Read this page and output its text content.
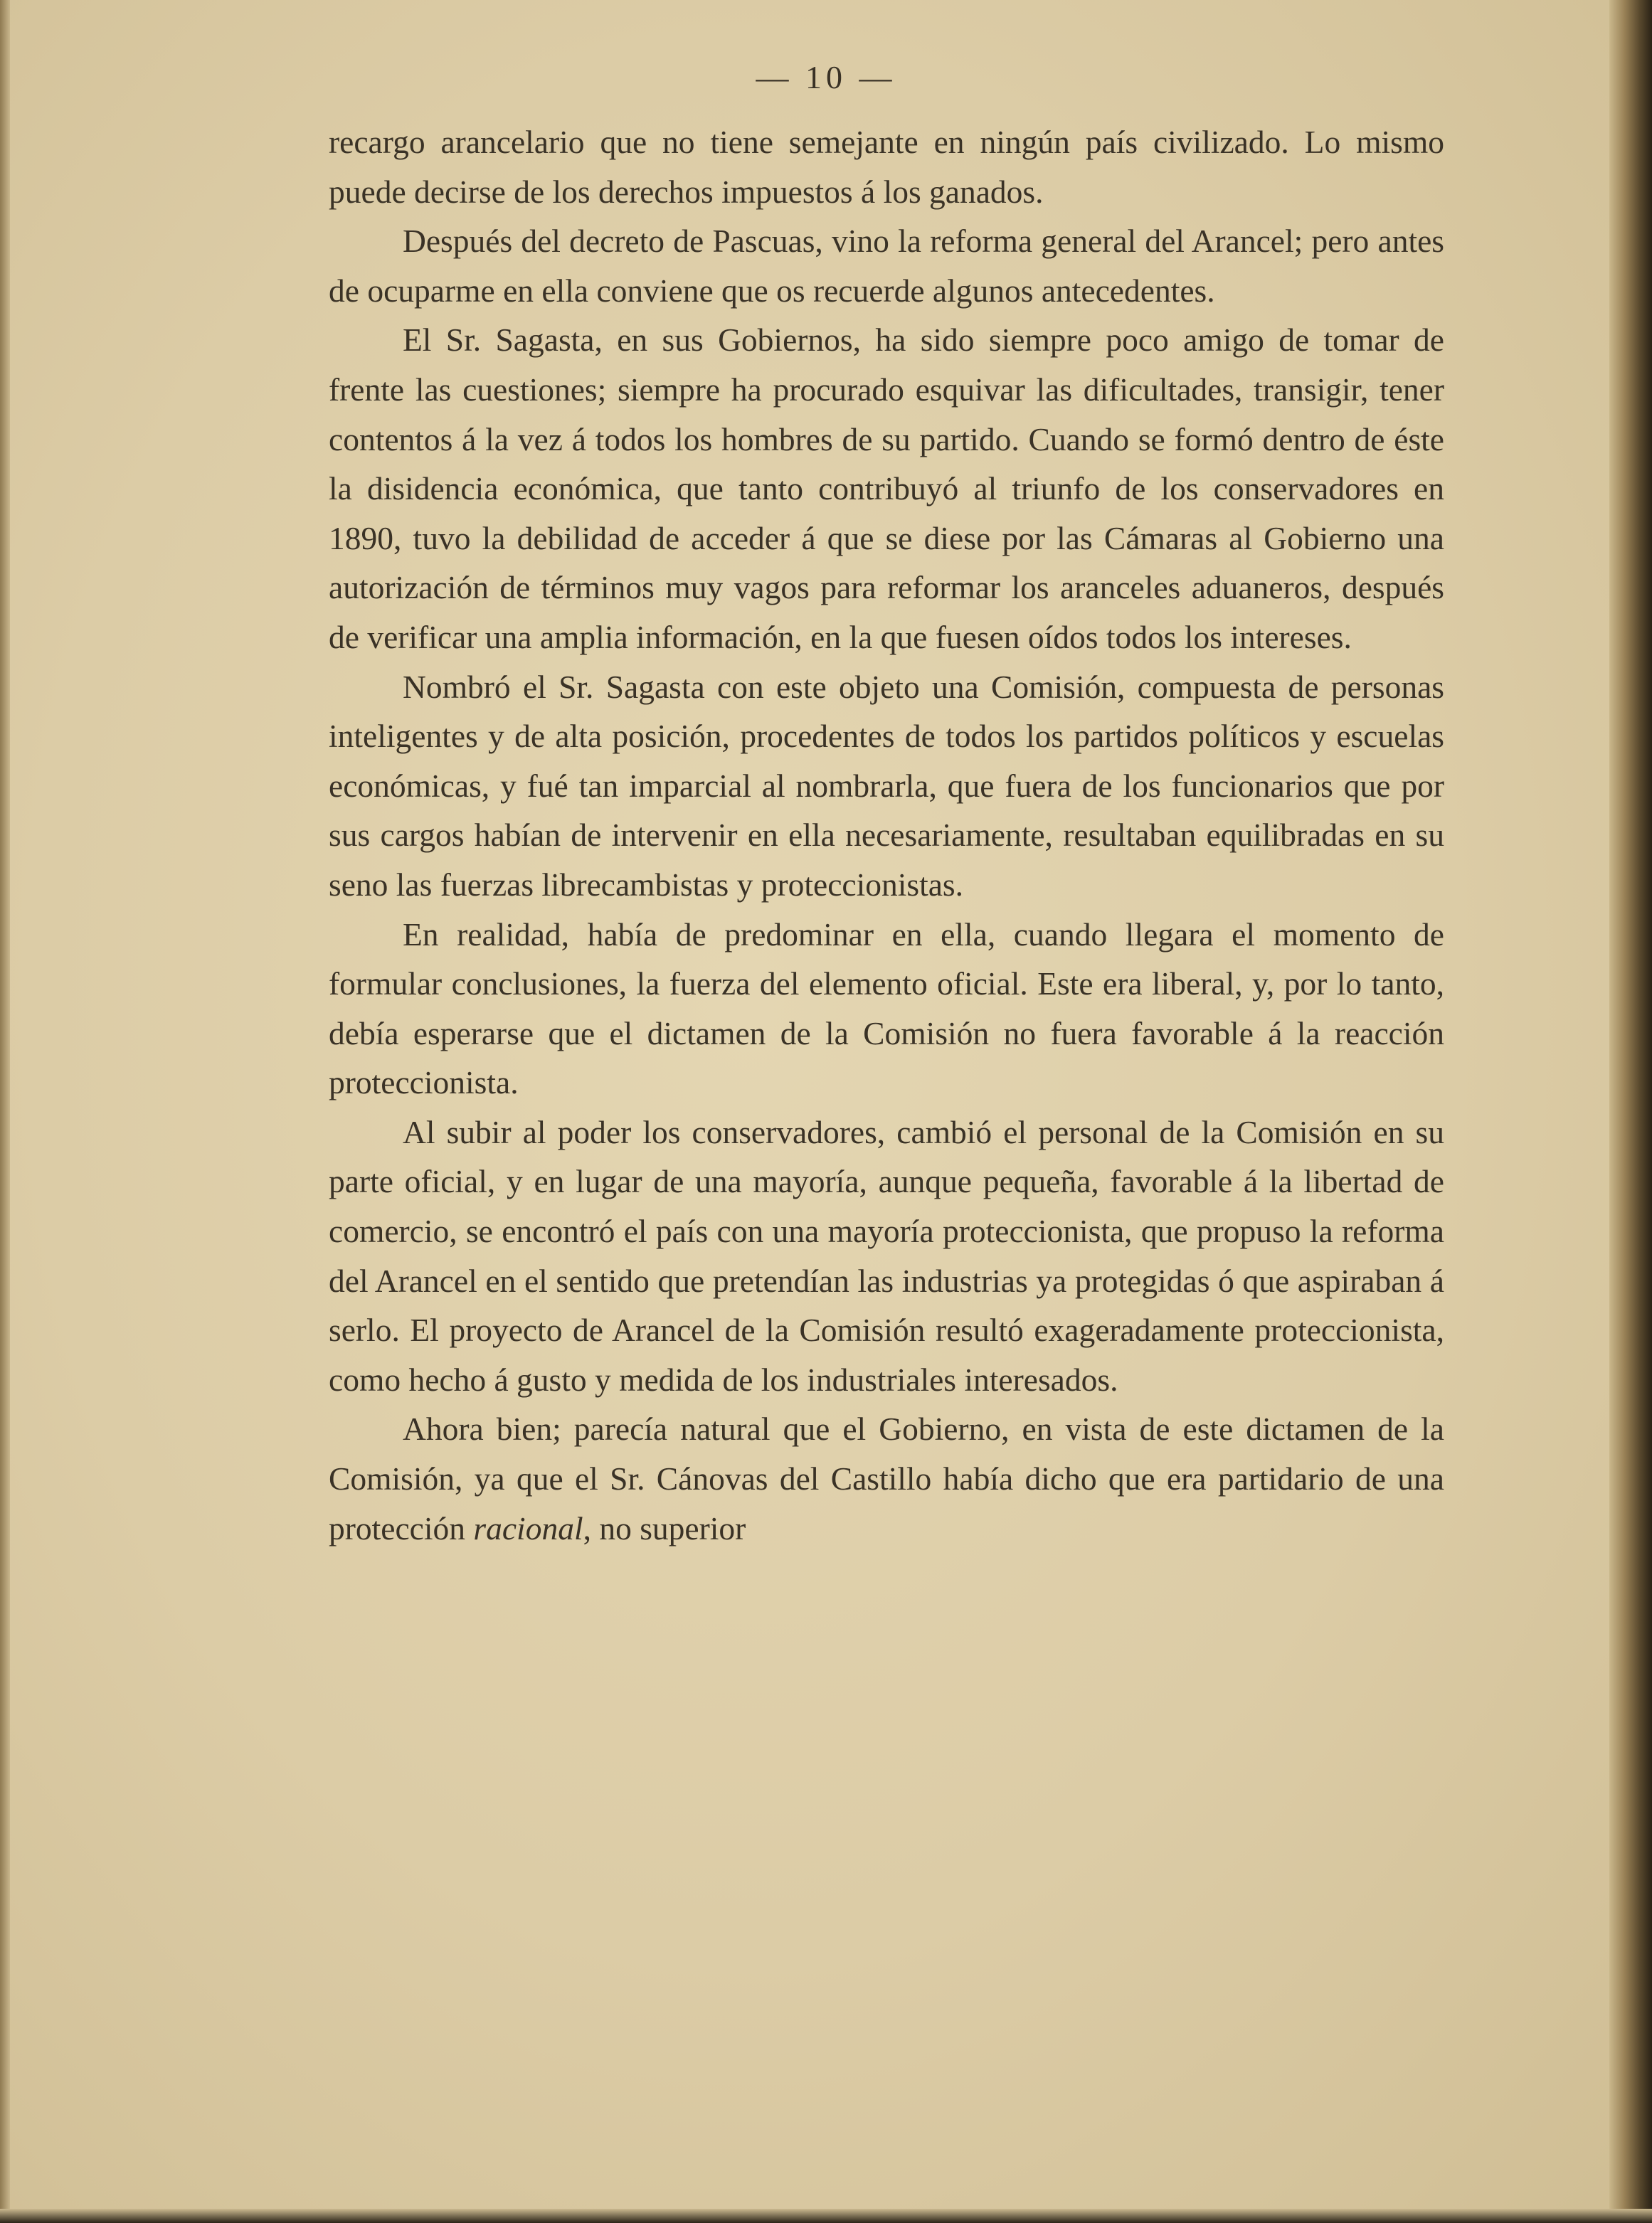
— 10 —

recargo arancelario que no tiene semejante en ningún país civilizado. Lo mismo puede decirse de los derechos impuestos á los ganados.

Después del decreto de Pascuas, vino la reforma general del Arancel; pero antes de ocuparme en ella conviene que os recuerde algunos antecedentes.

El Sr. Sagasta, en sus Gobiernos, ha sido siempre poco amigo de tomar de frente las cuestiones; siempre ha procurado esquivar las dificultades, transigir, tener contentos á la vez á todos los hombres de su partido. Cuando se formó dentro de éste la disidencia económica, que tanto contribuyó al triunfo de los conservadores en 1890, tuvo la debilidad de acceder á que se diese por las Cámaras al Gobierno una autorización de términos muy vagos para reformar los aranceles aduaneros, después de verificar una amplia información, en la que fuesen oídos todos los intereses.

Nombró el Sr. Sagasta con este objeto una Comisión, compuesta de personas inteligentes y de alta posición, procedentes de todos los partidos políticos y escuelas económicas, y fué tan imparcial al nombrarla, que fuera de los funcionarios que por sus cargos habían de intervenir en ella necesariamente, resultaban equilibradas en su seno las fuerzas librecambistas y proteccionistas.

En realidad, había de predominar en ella, cuando llegara el momento de formular conclusiones, la fuerza del elemento oficial. Este era liberal, y, por lo tanto, debía esperarse que el dictamen de la Comisión no fuera favorable á la reacción proteccionista.

Al subir al poder los conservadores, cambió el personal de la Comisión en su parte oficial, y en lugar de una mayoría, aunque pequeña, favorable á la libertad de comercio, se encontró el país con una mayoría proteccionista, que propuso la reforma del Arancel en el sentido que pretendían las industrias ya protegidas ó que aspiraban á serlo. El proyecto de Arancel de la Comisión resultó exageradamente proteccionista, como hecho á gusto y medida de los industriales interesados.

Ahora bien; parecía natural que el Gobierno, en vista de este dictamen de la Comisión, ya que el Sr. Cánovas del Castillo había dicho que era partidario de una protección racional, no superior
